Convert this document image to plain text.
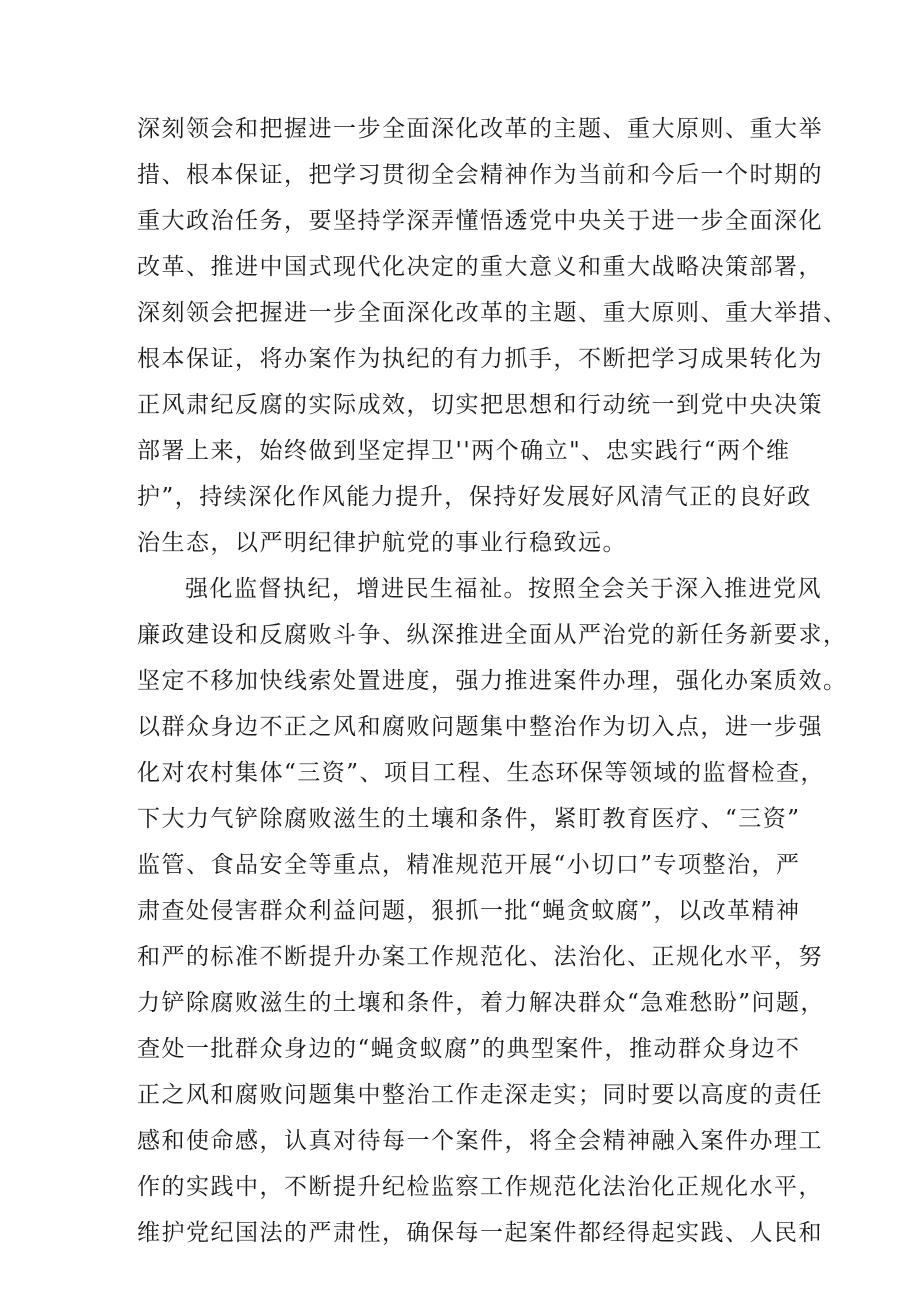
深刻领会和把握进一步全面深化改革的主题、重大原则、重大举
措、根本保证，把学习贯彻全会精神作为当前和今后一个时期的
重大政治任务，要坚持学深弄懂悟透党中央关于进一步全面深化
改革、推进中国式现代化决定的重大意义和重大战略决策部署，
深刻领会把握进一步全面深化改革的主题、重大原则、重大举措、
根本保证，将办案作为执纪的有力抓手，不断把学习成果转化为
正风肃纪反腐的实际成效，切实把思想和行动统一到党中央决策
部署上来，始终做到坚定捍卫''两个确立"、忠实践行“两个维
护”，持续深化作风能力提升，保持好发展好风清气正的良好政
治生态，以严明纪律护航党的事业行稳致远。
强化监督执纪，增进民生福祉。按照全会关于深入推进党风
廉政建设和反腐败斗争、纵深推进全面从严治党的新任务新要求，
坚定不移加快线索处置进度，强力推进案件办理，强化办案质效。
以群众身边不正之风和腐败问题集中整治作为切入点，进一步强
化对农村集体“三资”、项目工程、生态环保等领域的监督检查，
下大力气铲除腐败滋生的土壤和条件，紧盯教育医疗、“三资”
监管、食品安全等重点，精准规范开展“小切口”专项整治，严
肃查处侵害群众利益问题，狠抓一批“蝇贪蚊腐”，以改革精神
和严的标准不断提升办案工作规范化、法治化、正规化水平，努
力铲除腐败滋生的土壤和条件，着力解决群众“急难愁盼”问题，
查处一批群众身边的“蝇贪蚁腐”的典型案件，推动群众身边不
正之风和腐败问题集中整治工作走深走实；同时要以高度的责任
感和使命感，认真对待每一个案件，将全会精神融入案件办理工
作的实践中，不断提升纪检监察工作规范化法治化正规化水平，
维护党纪国法的严肃性，确保每一起案件都经得起实践、人民和
